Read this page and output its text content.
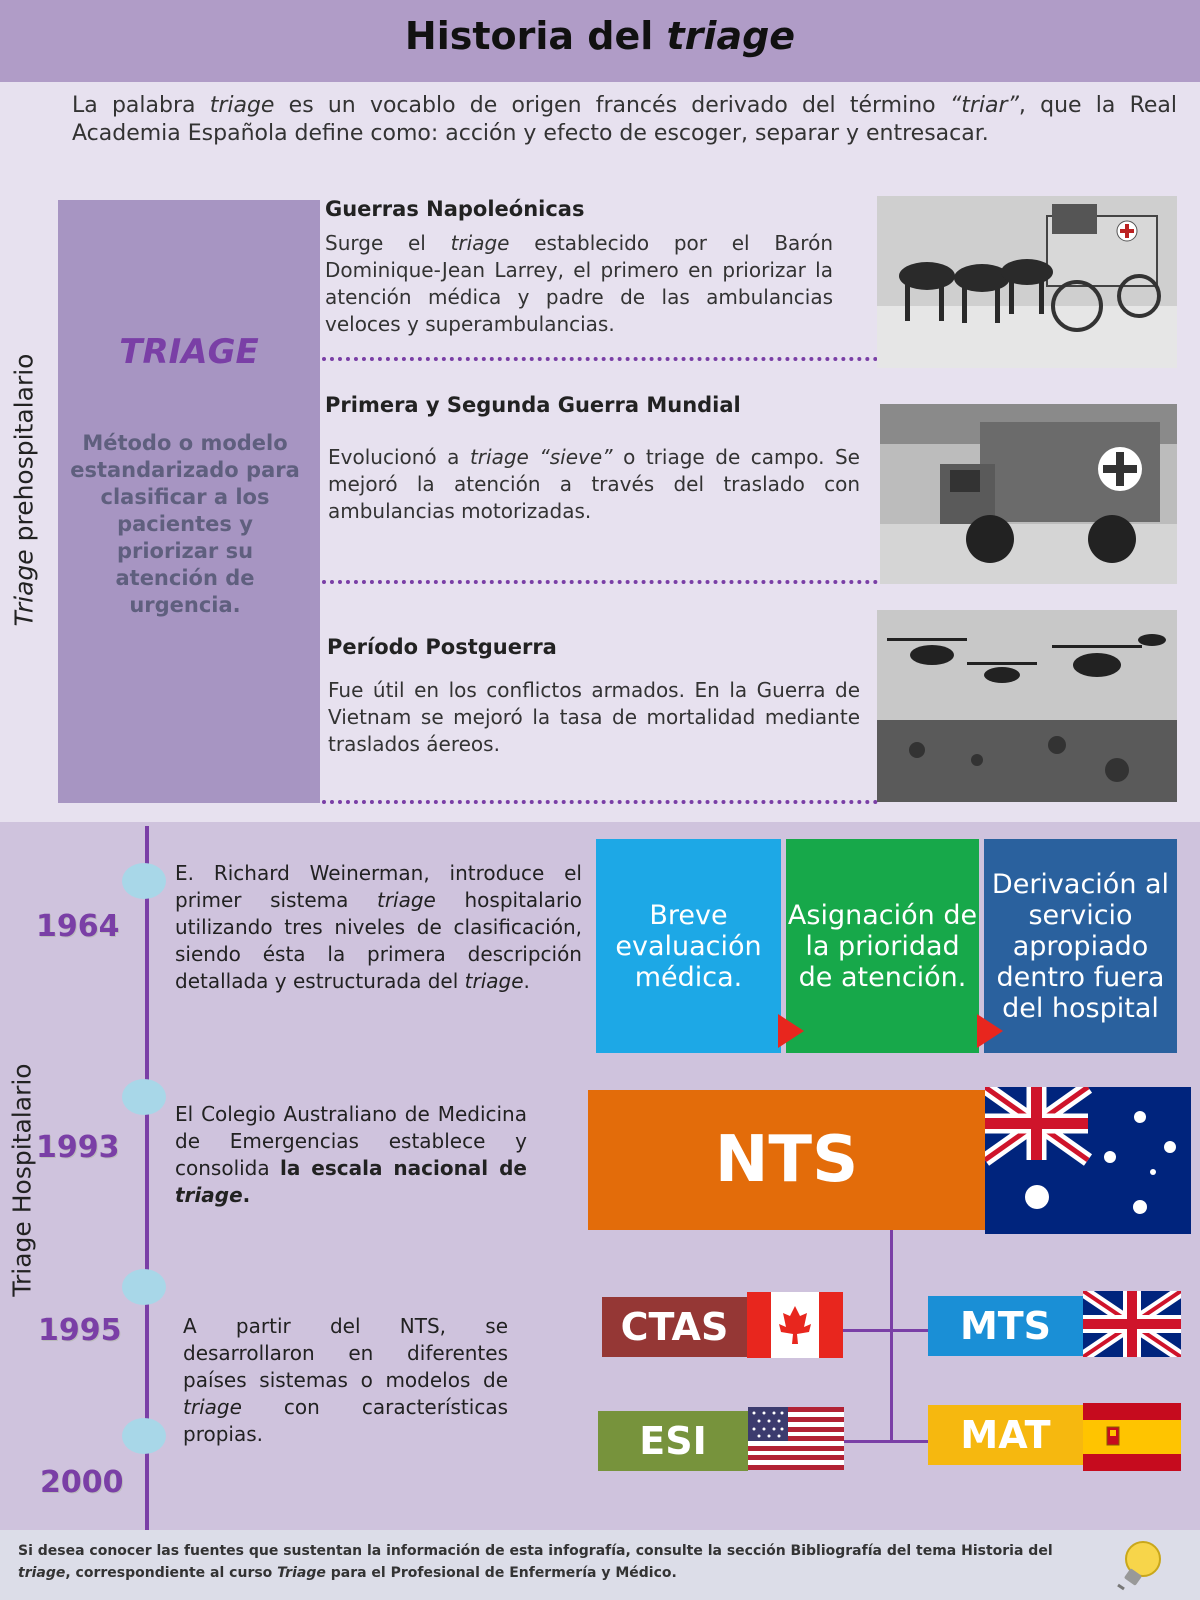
Historia del triage
La palabra triage es un vocablo de origen francés derivado del término “triar”, que la Real Academia Española define como: acción y efecto de escoger, separar y entresacar.
Triage prehospitalario
TRIAGE
Método o modelo estandarizado para clasificar a los pacientes y priorizar su atención de urgencia.
Guerras Napoleónicas
Surge el triage establecido por el Barón Dominique-Jean Larrey, el primero en priorizar la atención médica y padre de las ambulancias veloces y superambulancias.
Primera y Segunda Guerra Mundial
Evolucionó a triage “sieve” o triage de campo. Se mejoró la atención a través del traslado con ambulancias motorizadas.
Período Postguerra
Fue útil en los conflictos armados. En la Guerra de Vietnam se mejoró la tasa de mortalidad mediante traslados áereos.
Triage Hospitalario
1964
E. Richard Weinerman, introduce el primer sistema triage hospitalario utilizando tres niveles de clasificación, siendo ésta la primera descripción detallada y estructurada del triage.
Breve evaluación médica.
Asignación de la prioridad de atención.
Derivación al servicio apropiado dentro fuera del hospital
1993
El Colegio Australiano de Medicina de Emergencias establece y consolida la escala nacional de triage.	NTS
1995	A partir del NTS, se desarrollaron en diferentes países sistemas o modelos de triage con características propias.
2000
CTAS	MTS
ESI	MAT
Si desea conocer las fuentes que sustentan la información de esta infografía, consulte la sección Bibliografía del tema Historia del triage, correspondiente al curso Triage para el Profesional de Enfermería y Médico.
